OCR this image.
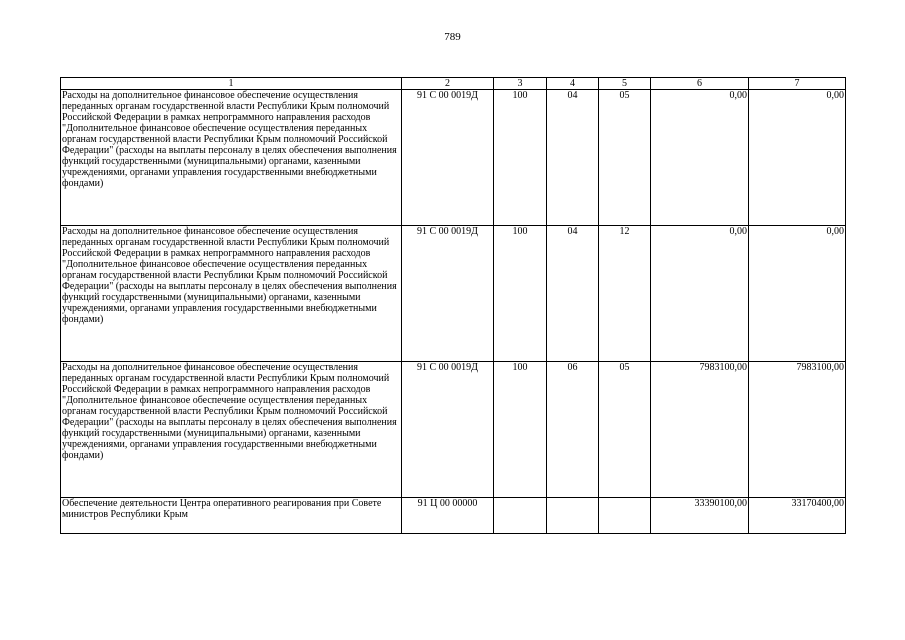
789
1	2	3	4	5	6	7
Расходы на дополнительное финансовое обеспечение осуществления переданных органам государственной власти Республики Крым полномочий Российской Федерации в рамках непрограммного направления расходов "Дополнительное финансовое обеспечение осуществления переданных органам государственной власти Республики Крым полномочий Российской Федерации" (расходы на выплаты персоналу в целях обеспечения выполнения функций государственными (муниципальными) органами, казенными учреждениями, органами управления государственными внебюджетными фондами)	91 С 00 0019Д	100	04	05	0,00	0,00
Расходы на дополнительное финансовое обеспечение осуществления переданных органам государственной власти Республики Крым полномочий Российской Федерации в рамках непрограммного направления расходов "Дополнительное финансовое обеспечение осуществления переданных органам государственной власти Республики Крым полномочий Российской Федерации" (расходы на выплаты персоналу в целях обеспечения выполнения функций государственными (муниципальными) органами, казенными учреждениями, органами управления государственными внебюджетными фондами)	91 С 00 0019Д	100	04	12	0,00	0,00
Расходы на дополнительное финансовое обеспечение осуществления переданных органам государственной власти Республики Крым полномочий Российской Федерации в рамках непрограммного направления расходов "Дополнительное финансовое обеспечение осуществления переданных органам государственной власти Республики Крым полномочий Российской Федерации" (расходы на выплаты персоналу в целях обеспечения выполнения функций государственными (муниципальными) органами, казенными учреждениями, органами управления государственными внебюджетными фондами)	91 С 00 0019Д	100	06	05	7983100,00	7983100,00
Обеспечение деятельности Центра оперативного реагирования при Совете министров Республики Крым	91 Ц 00 00000				33390100,00	33170400,00
